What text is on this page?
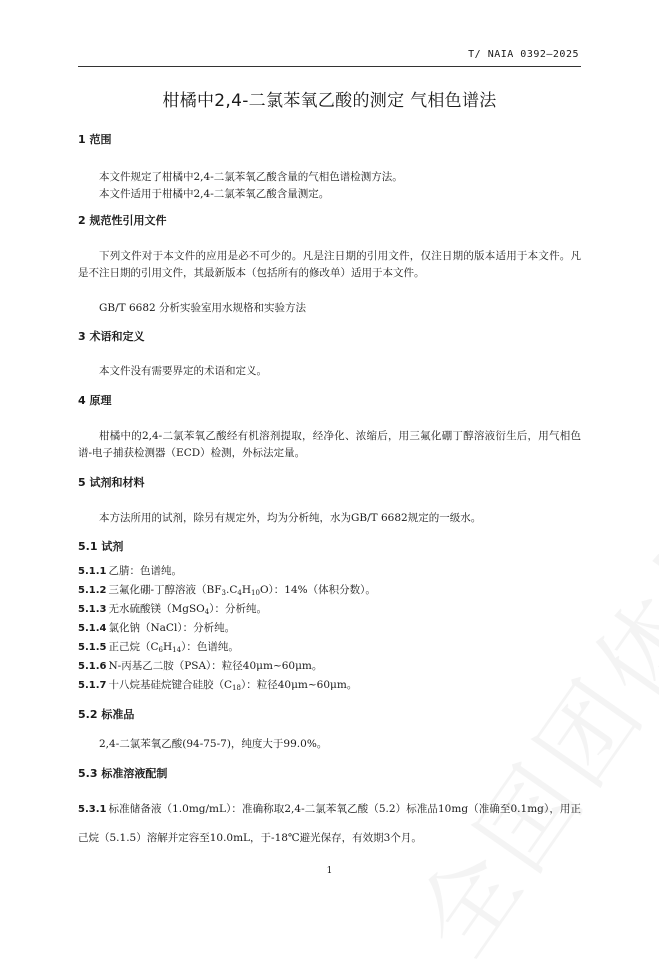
T/ NAIA 0392—2025
柑橘中2,4-二氯苯氧乙酸的测定 气相色谱法
1 范围

本文件规定了柑橘中2,4-二氯苯氧乙酸含量的气相色谱检测方法。

本文件适用于柑橘中2,4-二氯苯氧乙酸含量测定。

2 规范性引用文件

下列文件对于本文件的应用是必不可少的。凡是注日期的引用文件，仅注日期的版本适用于本文件。凡是不注日期的引用文件，其最新版本（包括所有的修改单）适用于本文件。

GB/T 6682 分析实验室用水规格和实验方法

3 术语和定义

本文件没有需要界定的术语和定义。

4 原理

柑橘中的2,4-二氯苯氧乙酸经有机溶剂提取，经净化、浓缩后，用三氟化硼丁醇溶液衍生后，用气相色谱-电子捕获检测器（ECD）检测，外标法定量。

5 试剂和材料

本方法所用的试剂，除另有规定外，均为分析纯，水为GB/T 6682规定的一级水。

5.1 试剂

5.1.1 乙腈：色谱纯。

5.1.2 三氟化硼-丁醇溶液$(BF_3.C_4H_{10}O)$：14%（体积分数）。

5.1.3 无水硫酸镁（MgSO$_4$）：分析纯。

5.1.4 氯化钠（NaCl）：分析纯。

5.1.5 正己烷$(C_6H_{14})$：色谱纯。

5.1.6 N-丙基乙二胺（PSA）：粒径40μm~60μm。

5.1.7 十八烷基硅烷键合硅胶$(C_{18})$：粒径40μm~60μm。

5.2 标准品

2,4-二氯苯氧乙酸(94-75-7)，纯度大于99.0%。

5.3 标准溶液配制

5.3.1 标准储备液（1.0mg/mL）：准确称取2,4-二氯苯氧乙酸（5.2）标准品10mg（准确至0.1mg），用正己烷（5.1.5）溶解并定容至10.0mL，于-18℃避光保存，有效期3个月。

1
